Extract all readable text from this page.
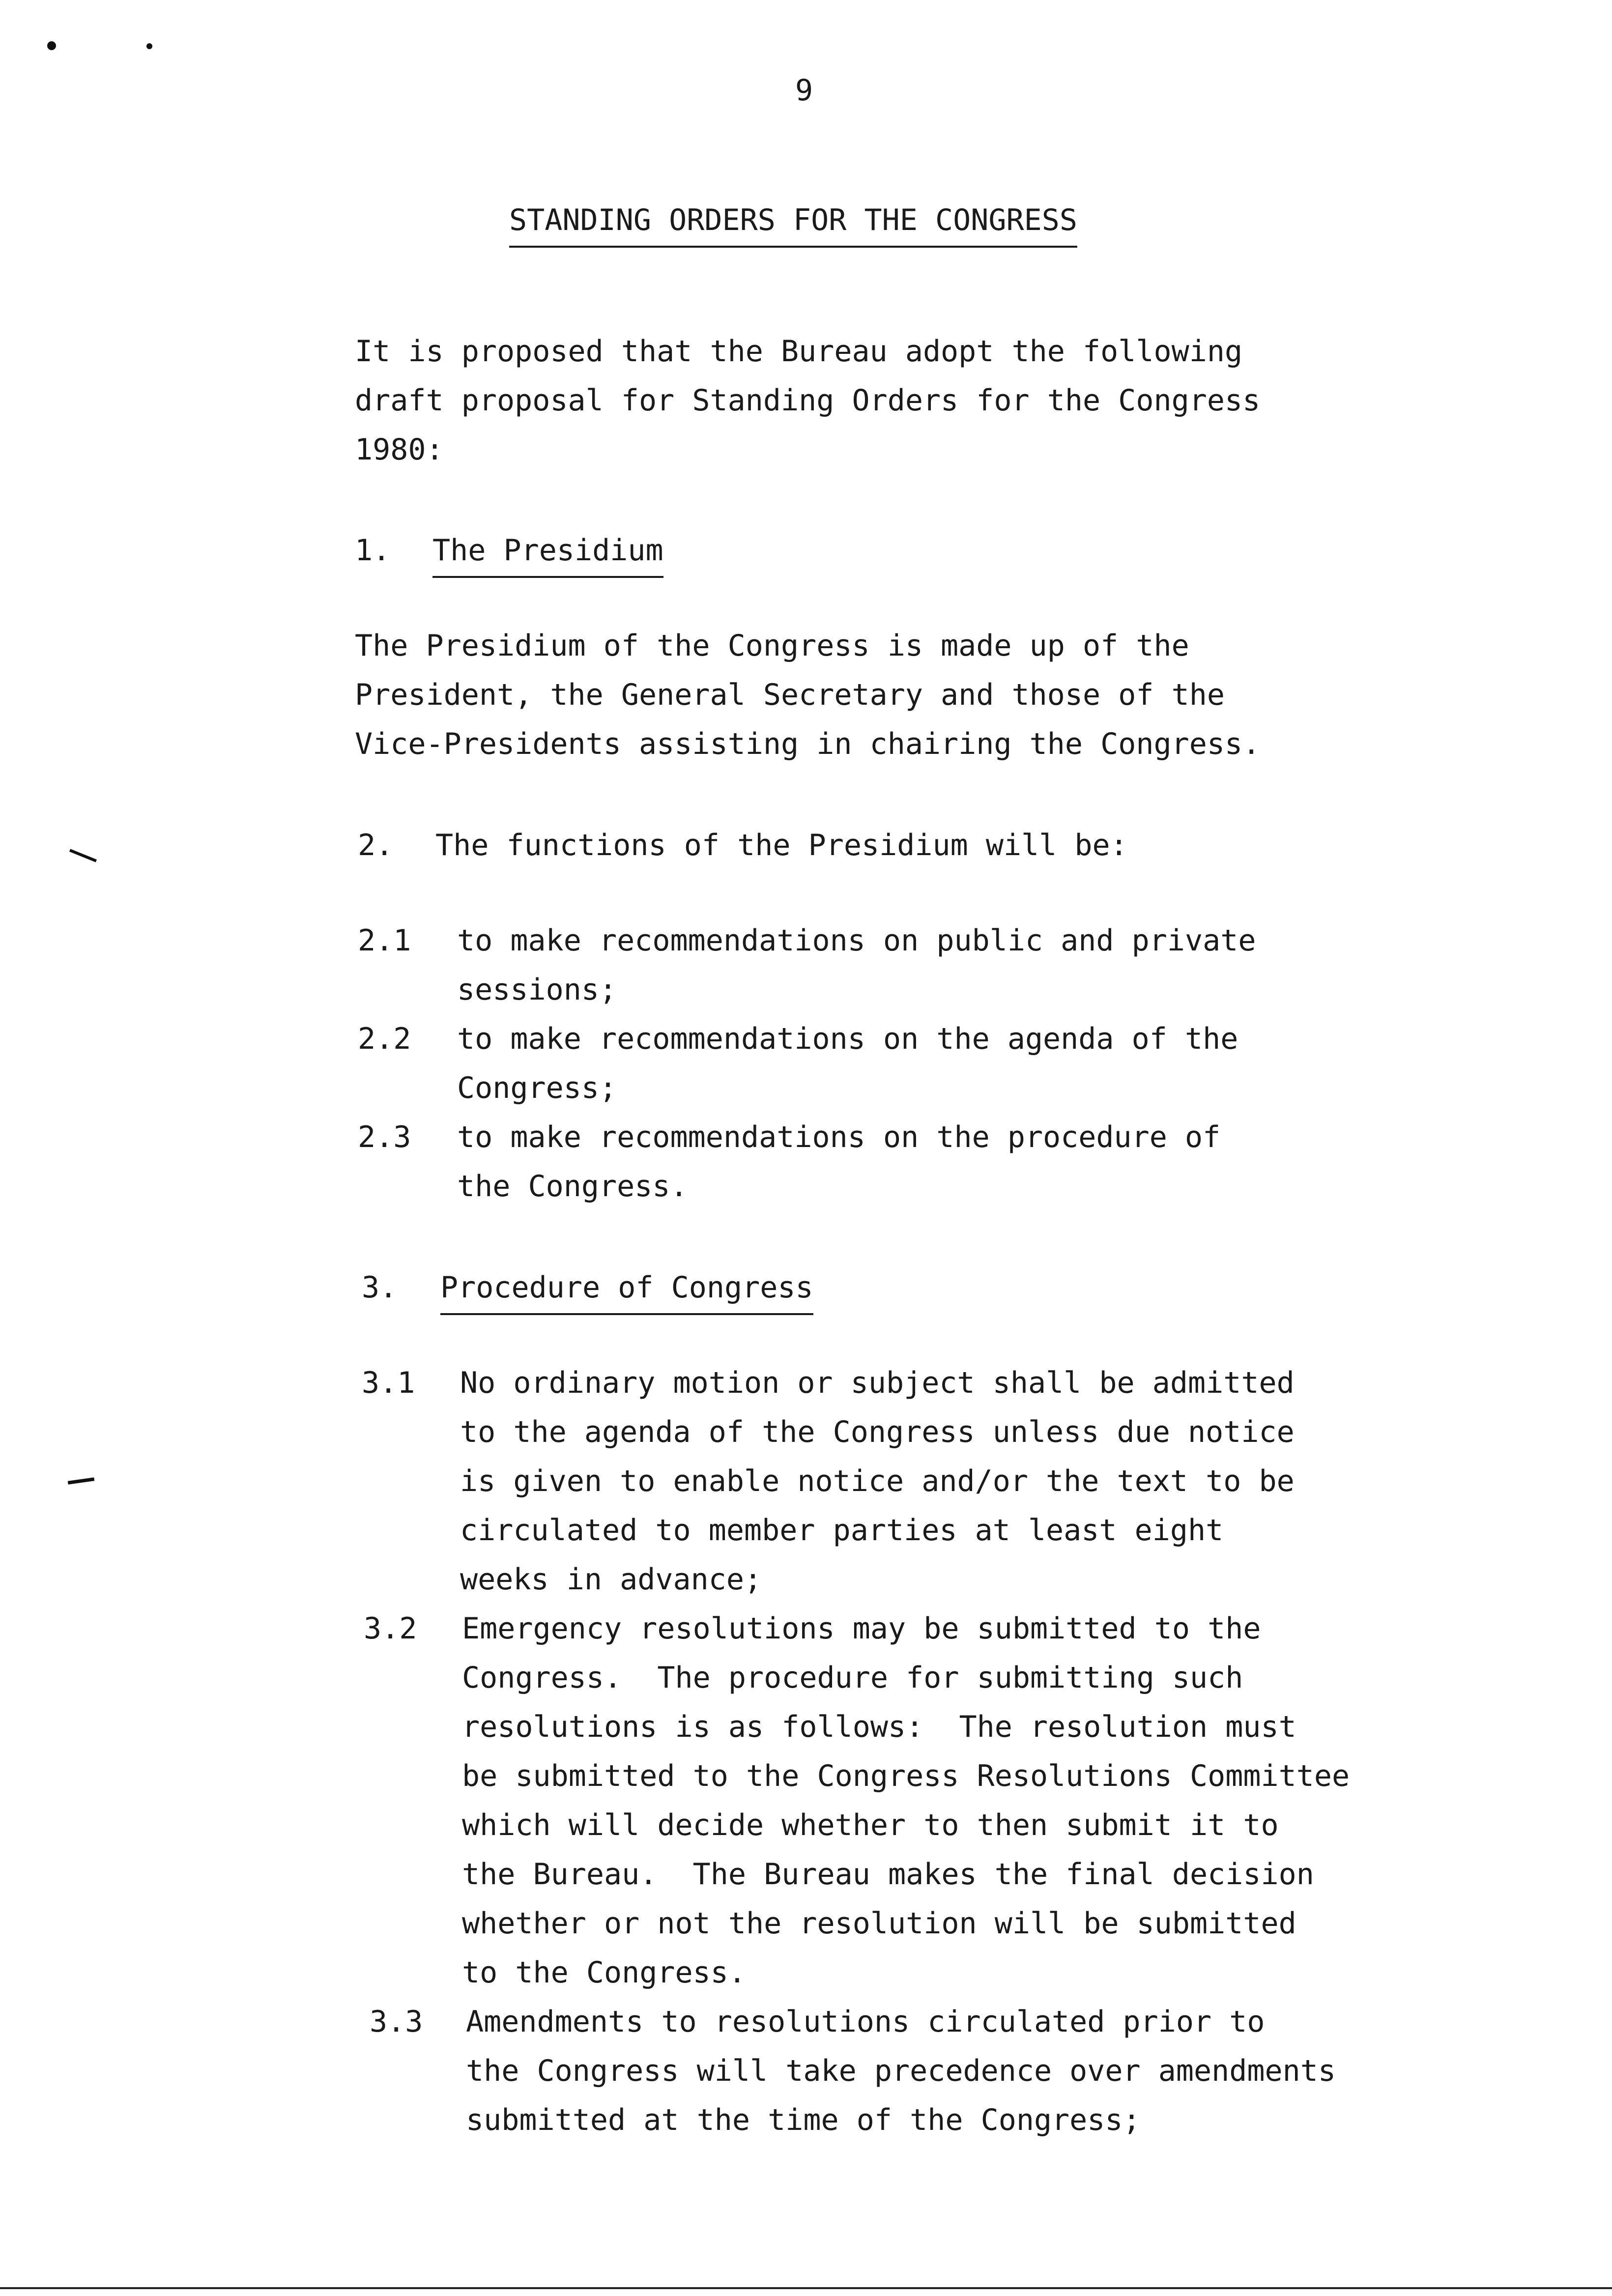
9
STANDING ORDERS FOR THE CONGRESS
It is proposed that the Bureau adopt the following
draft proposal for Standing Orders for the Congress
1980:
1. The Presidium
The Presidium of the Congress is made up of the
President, the General Secretary and those of the
Vice-Presidents assisting in chairing the Congress.
2. The functions of the Presidium will be:
2.1 to make recommendations on public and private
sessions;
2.2 to make recommendations on the agenda of the
Congress;
2.3 to make recommendations on the procedure of
the Congress.
3. Procedure of Congress
3.1 No ordinary motion or subject shall be admitted
to the agenda of the Congress unless due notice
is given to enable notice and/or the text to be
circulated to member parties at least eight
weeks in advance;
3.2 Emergency resolutions may be submitted to the
Congress.  The procedure for submitting such
resolutions is as follows:  The resolution must
be submitted to the Congress Resolutions Committee
which will decide whether to then submit it to
the Bureau.  The Bureau makes the final decision
whether or not the resolution will be submitted
to the Congress.
3.3 Amendments to resolutions circulated prior to
the Congress will take precedence over amendments
submitted at the time of the Congress;
